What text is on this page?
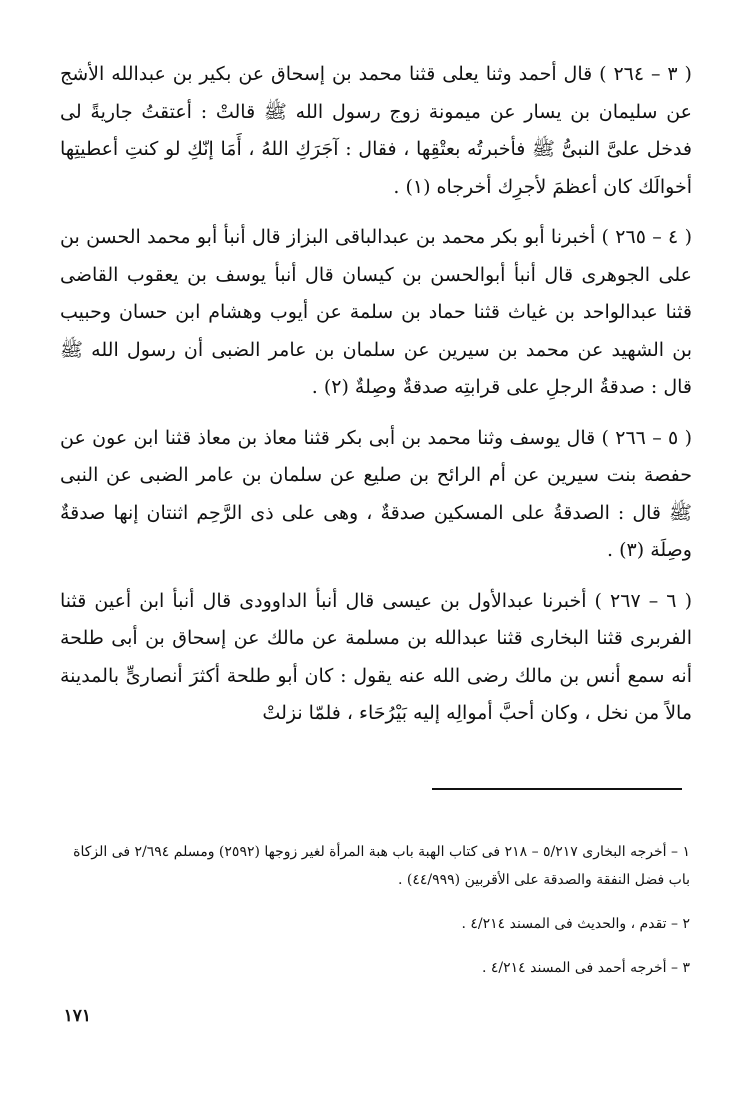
( ٣ – ٢٦٤ ) قال أحمد وثنا يعلى قثنا محمد بن إسحاق عن بكير بن عبدالله الأشج عن سليمان بن يسار عن ميمونة زوج رسول الله ﷺ قالتْ : أعتقتُ جاريةً لى فدخل علىَّ النبىُّ ﷺ فأخبرتُه بعتْقِها ، فقال : آجَرَكِ اللهُ ، أَمَا إنّكِ لو كنتِ أعطيتِها أخوالَك كان أعظمَ لأجرِك أخرجاه (١) .

( ٤ – ٢٦٥ ) أخبرنا أبو بكر محمد بن عبدالباقى البزاز قال أنبأ أبو محمد الحسن بن على الجوهرى قال أنبأ أبوالحسن بن كيسان قال أنبأ يوسف بن يعقوب القاضى قثنا عبدالواحد بن غياث قثنا حماد بن سلمة عن أيوب وهشام ابن حسان وحبيب بن الشهيد عن محمد بن سيرين عن سلمان بن عامر الضبى أن رسول الله ﷺ قال : صدقةُ الرجلِ على قرابتِه صدقةٌ وصِلةٌ (٢) .

( ٥ – ٢٦٦ ) قال يوسف وثنا محمد بن أبى بكر قثنا معاذ بن معاذ قثنا ابن عون عن حفصة بنت سيرين عن أم الرائح بن صليع عن سلمان بن عامر الضبى عن النبى ﷺ قال : الصدقةُ على المسكين صدقةٌ ، وهى على ذى الرَّحِم اثنتان إنها صدقةٌ وصِلَة (٣) .

( ٦ – ٢٦٧ ) أخبرنا عبدالأول بن عيسى قال أنبأ الداوودى قال أنبأ ابن أعين قثنا الفربرى قثنا البخارى قثنا عبدالله بن مسلمة عن مالك عن إسحاق بن أبى طلحة أنه سمع أنس بن مالك رضى الله عنه يقول : كان أبو طلحة أكثرَ أنصارىٍّ بالمدينة مالاً من نخل ، وكان أحبَّ أموالِه إليه بَيْرُحَاء ، فلمّا نزلتْ

١ – أخرجه البخارى ٥/٢١٧ – ٢١٨ فى كتاب الهبة باب هبة المرأة لغير زوجها (٢٥٩٢) ومسلم ٢/٦٩٤ فى الزكاة باب فضل النفقة والصدقة على الأقربين (٤٤/٩٩٩) .

٢ – تقدم ، والحديث فى المسند ٤/٢١٤ .

٣ – أخرجه أحمد فى المسند ٤/٢١٤ .

١٧١
